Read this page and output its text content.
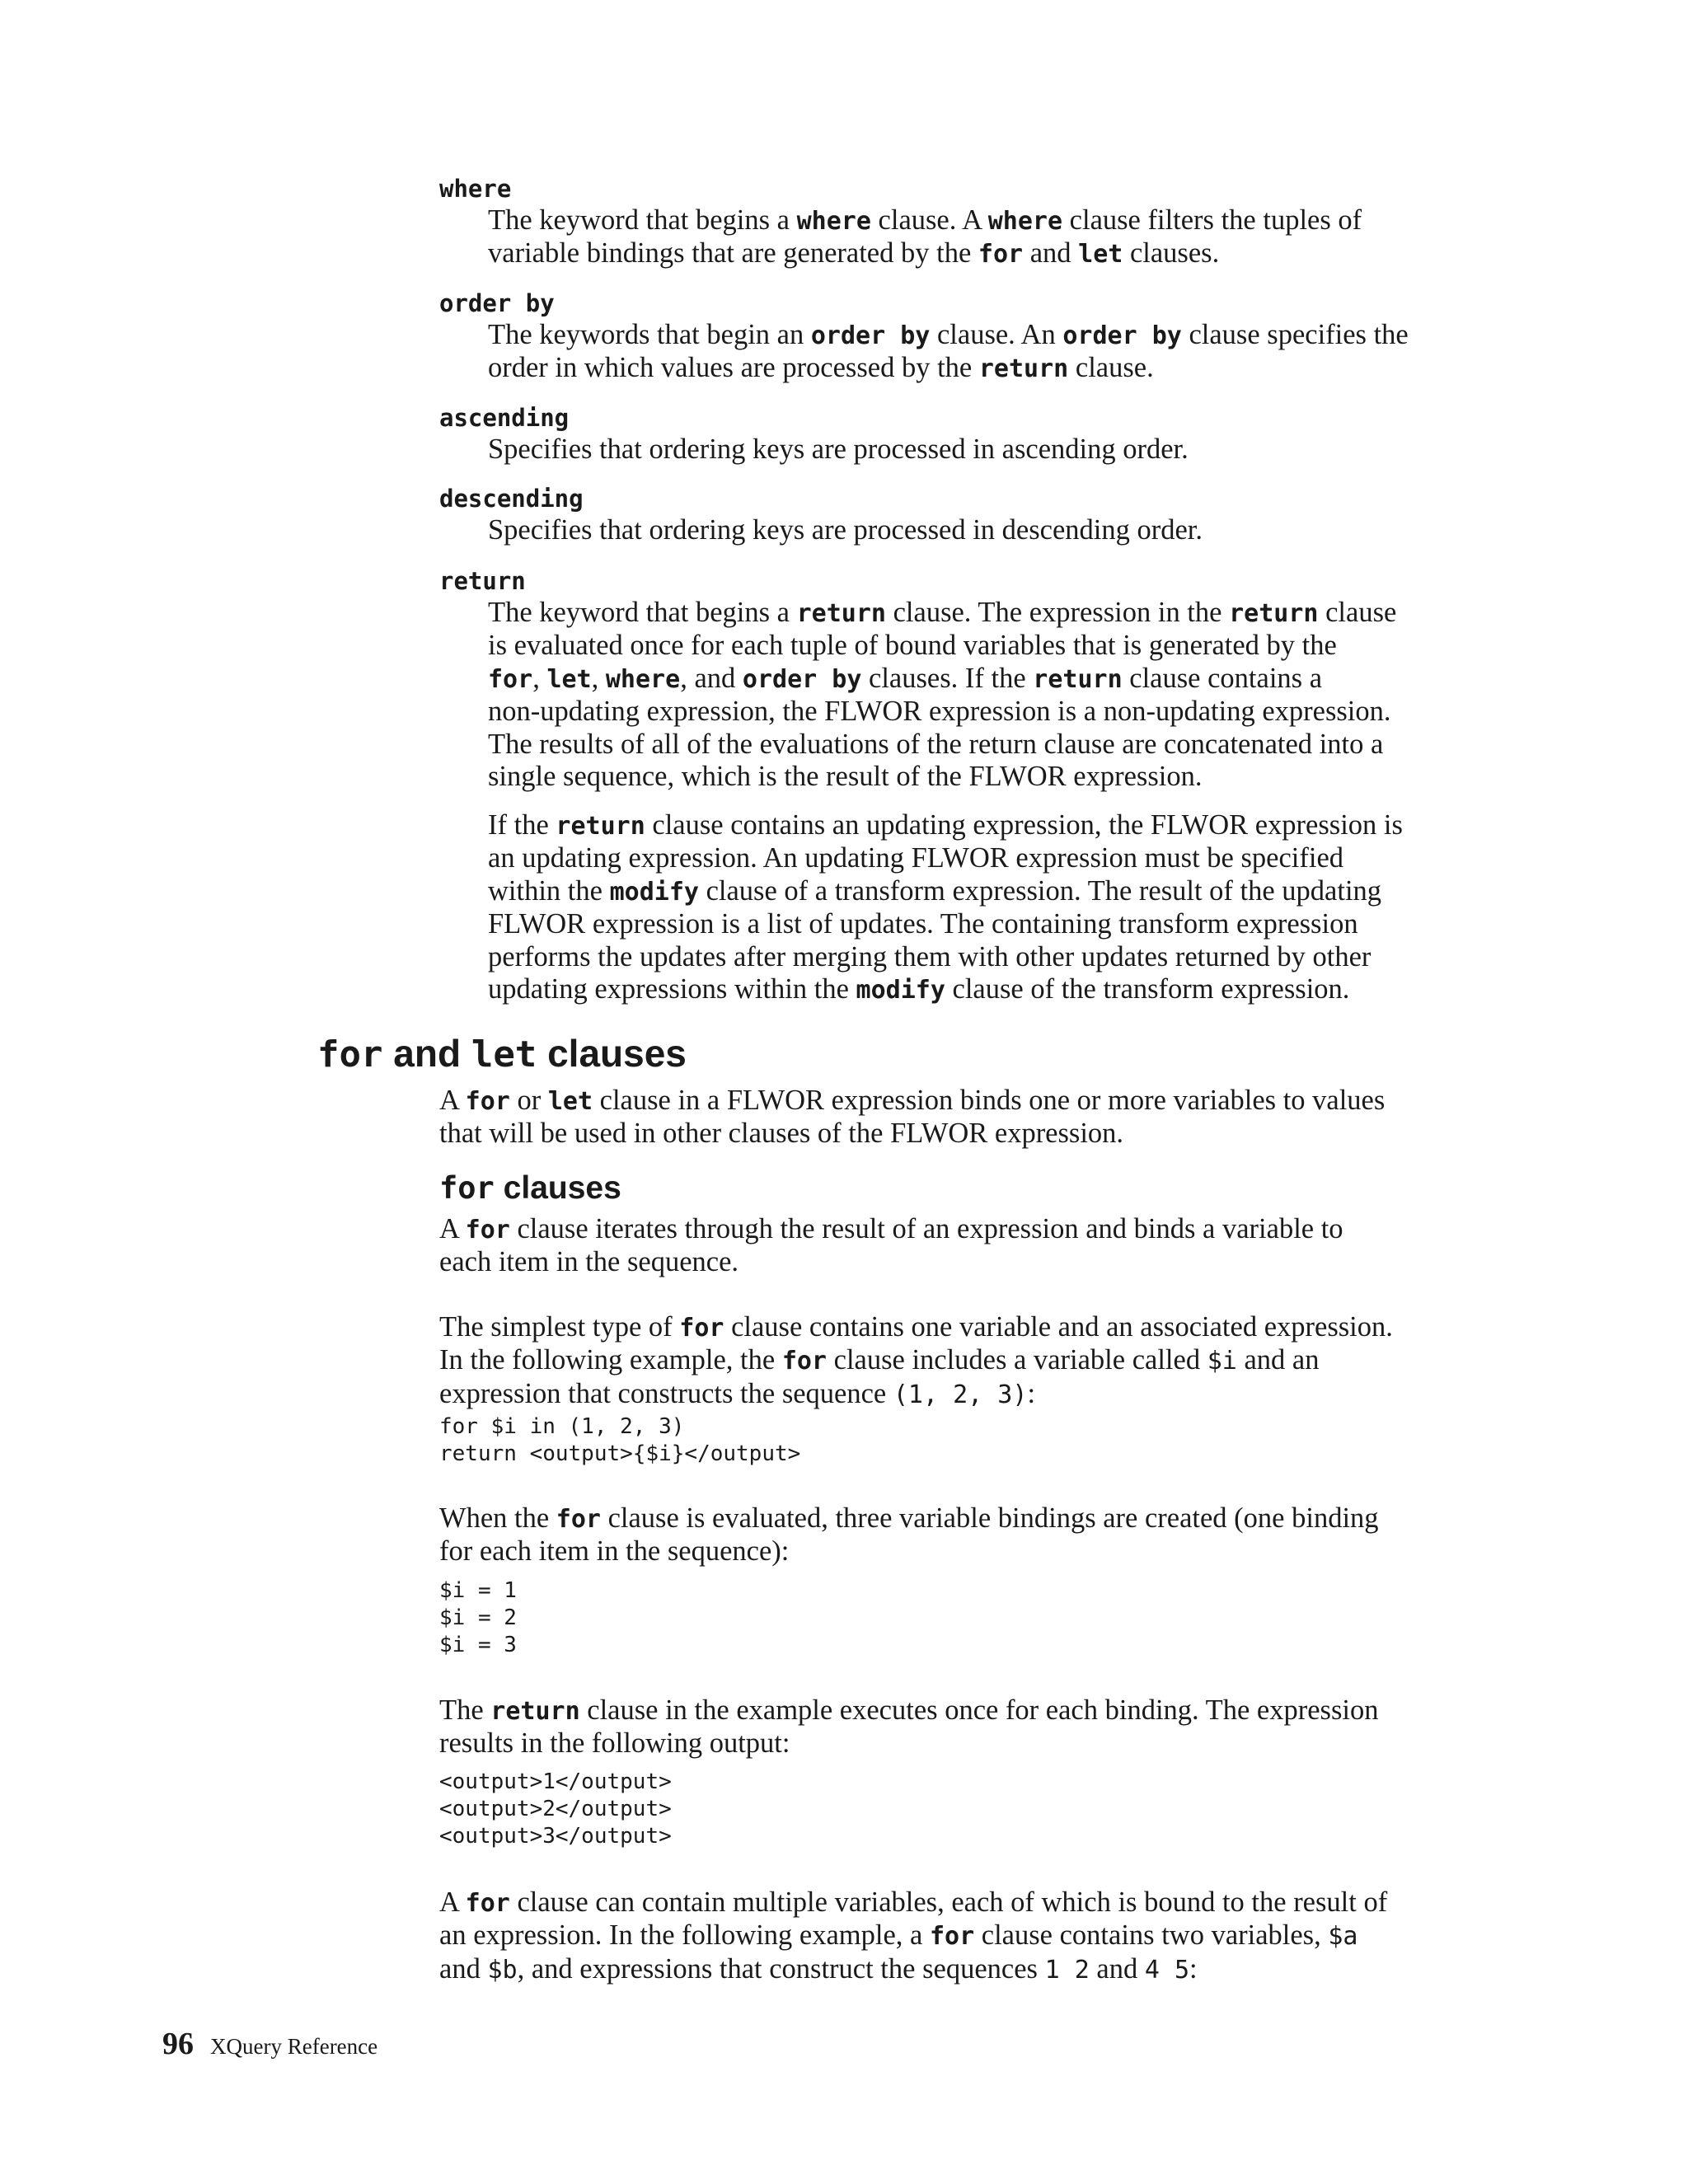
where
The keyword that begins a where clause. A where clause filters the tuples of
variable bindings that are generated by the for and let clauses.
order by
The keywords that begin an order by clause. An order by clause specifies the
order in which values are processed by the return clause.
ascending
Specifies that ordering keys are processed in ascending order.
descending
Specifies that ordering keys are processed in descending order.
return
The keyword that begins a return clause. The expression in the return clause
is evaluated once for each tuple of bound variables that is generated by the
for, let, where, and order by clauses. If the return clause contains a
non-updating expression, the FLWOR expression is a non-updating expression.
The results of all of the evaluations of the return clause are concatenated into a
single sequence, which is the result of the FLWOR expression.
If the return clause contains an updating expression, the FLWOR expression is
an updating expression. An updating FLWOR expression must be specified
within the modify clause of a transform expression. The result of the updating
FLWOR expression is a list of updates. The containing transform expression
performs the updates after merging them with other updates returned by other
updating expressions within the modify clause of the transform expression.
for and let clauses
A for or let clause in a FLWOR expression binds one or more variables to values
that will be used in other clauses of the FLWOR expression.
for clauses
A for clause iterates through the result of an expression and binds a variable to
each item in the sequence.
The simplest type of for clause contains one variable and an associated expression.
In the following example, the for clause includes a variable called $i and an
expression that constructs the sequence (1, 2, 3):
for $i in (1, 2, 3)
return <output>{$i}</output>
When the for clause is evaluated, three variable bindings are created (one binding
for each item in the sequence):
$i = 1
$i = 2
$i = 3
The return clause in the example executes once for each binding. The expression
results in the following output:
<output>1</output>
<output>2</output>
<output>3</output>
A for clause can contain multiple variables, each of which is bound to the result of
an expression. In the following example, a for clause contains two variables, $a
and $b, and expressions that construct the sequences 1 2 and 4 5:
96 XQuery Reference
